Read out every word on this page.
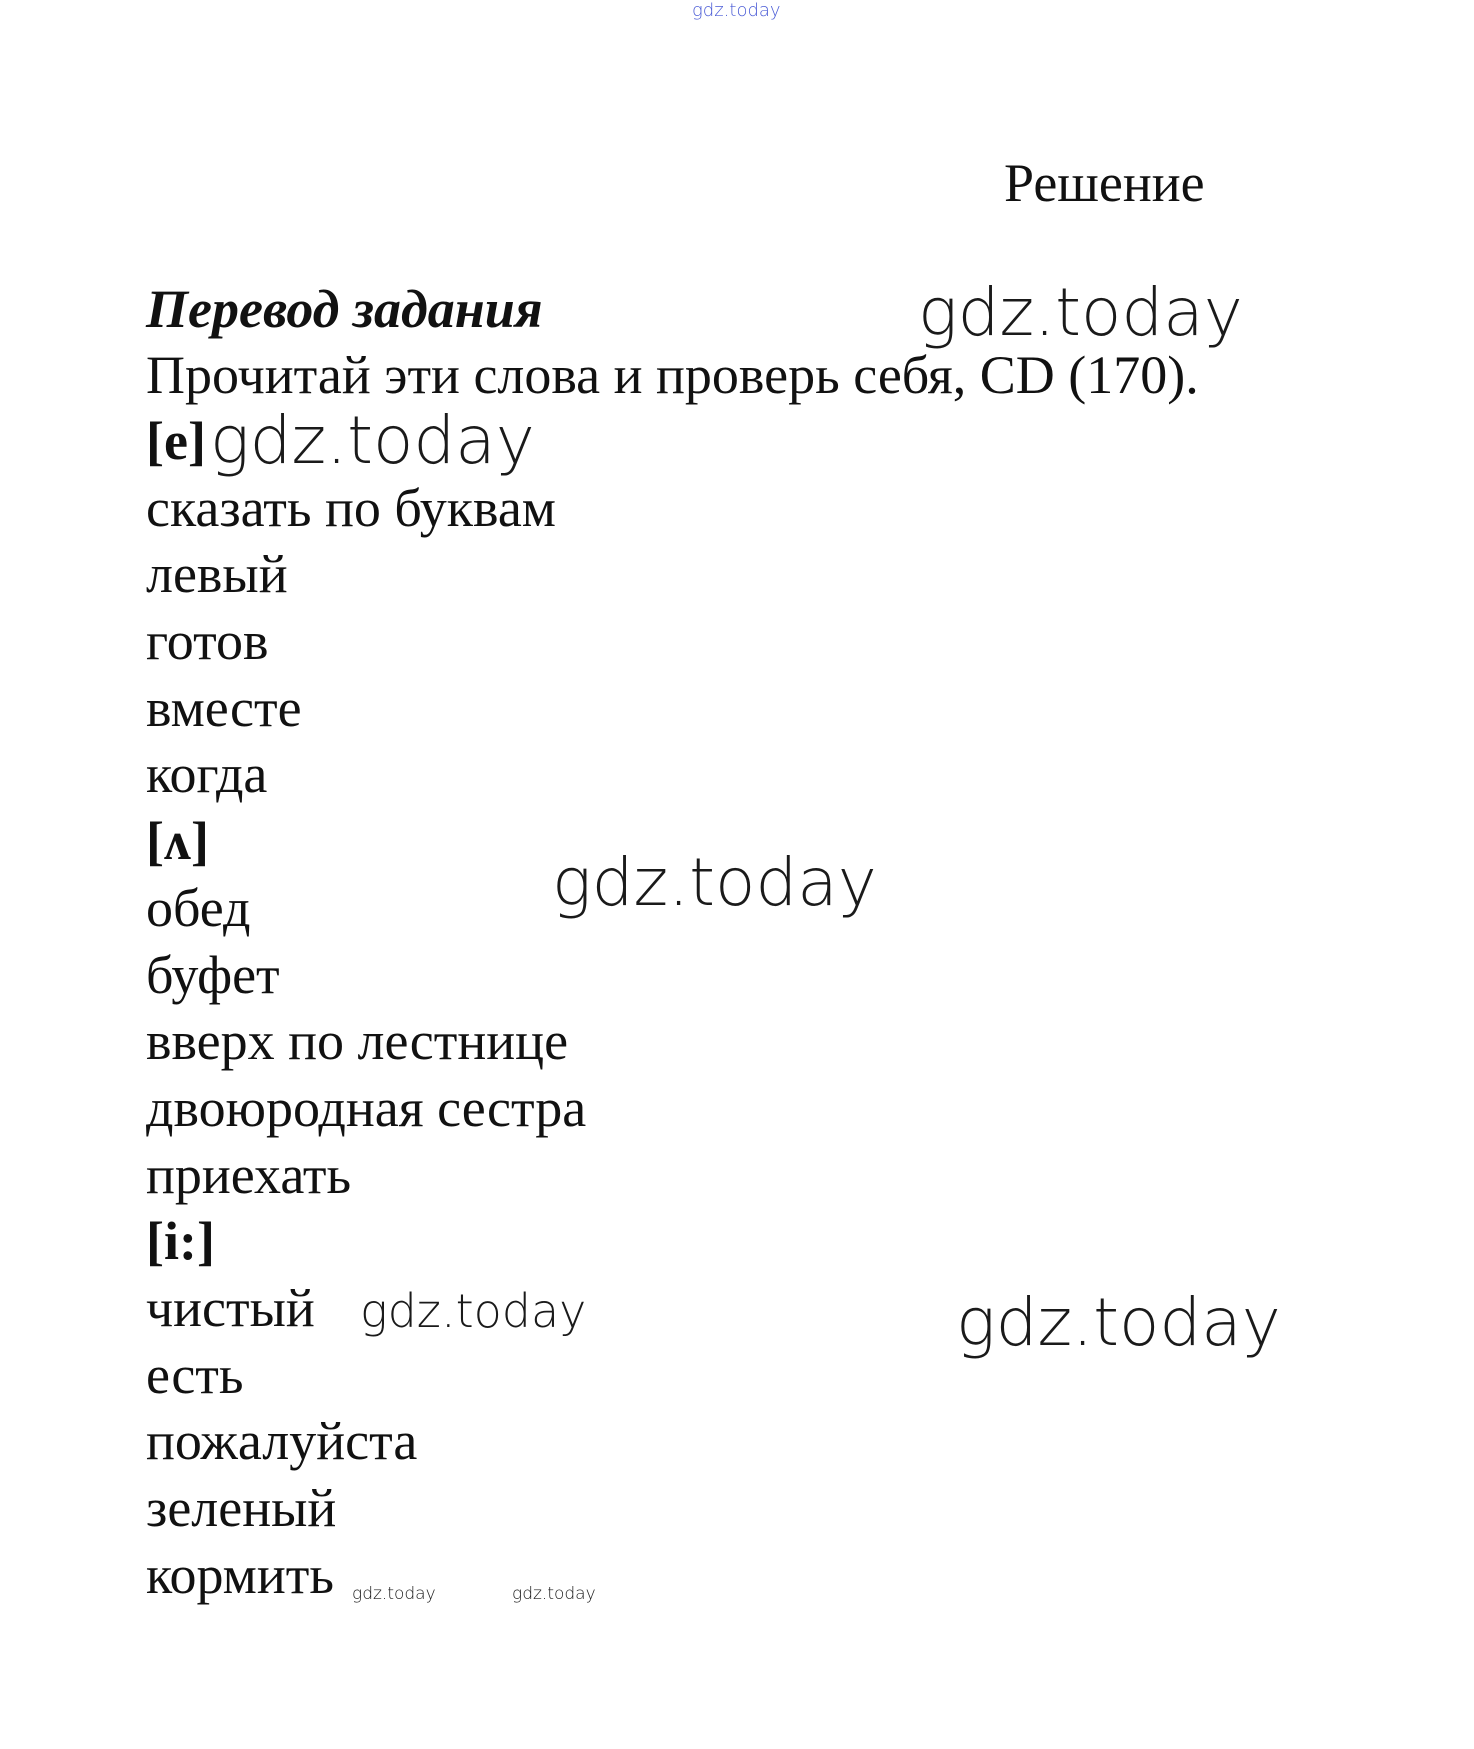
gdz.today
Решение
Перевод задания
Прочитай эти слова и проверь себя, CD (170).
[e]
сказать по буквам
левый
готов
вместе
когда
[ʌ]
обед
буфет
вверх по лестнице
двоюродная сестра
приехать
[i:]
чистый
есть
пожалуйста
зеленый
кормить
gdz.today
gdz.today
gdz.today
gdz.today	gdz.today
gdz.today	gdz.today
